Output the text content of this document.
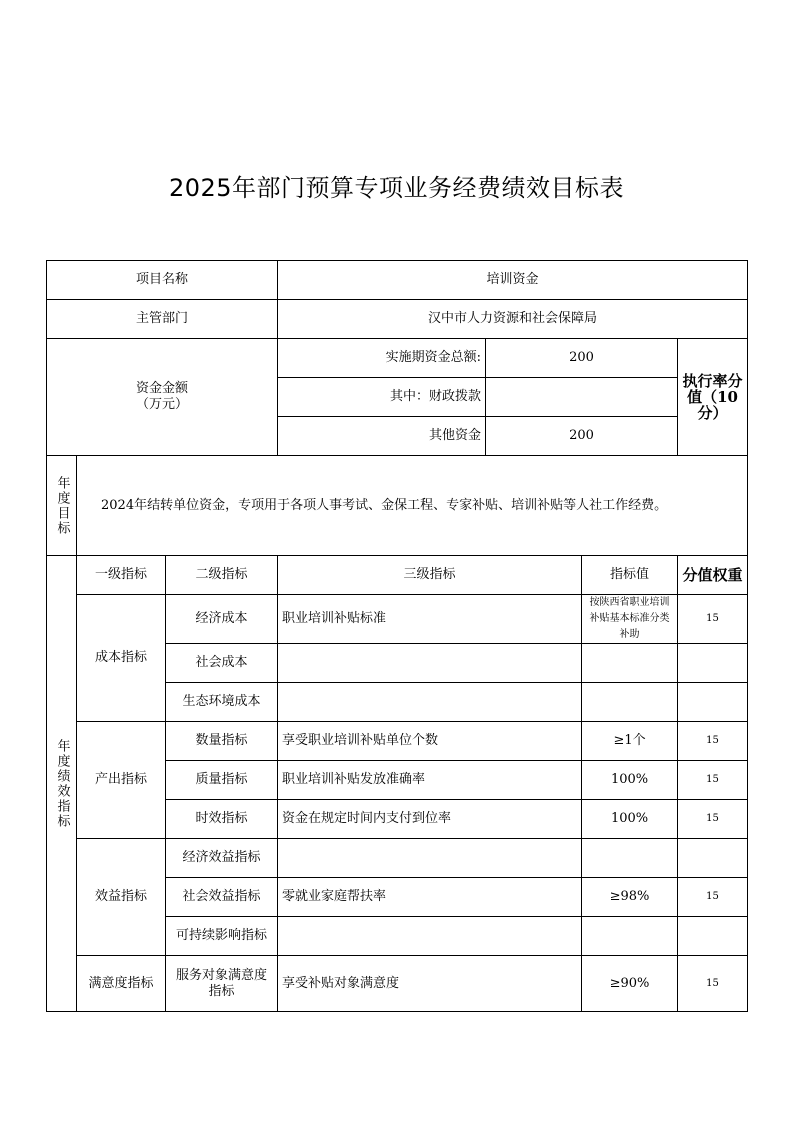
2025年部门预算专项业务经费绩效目标表
项目名称			培训资金			
主管部门			汉中市人力资源和社会保障局			

资金金额
（万元）			实施期资金总额:	200		执行率分值（10分）
			其中：财政拨款			
			其他资金	200		

年度目标	2024年结转单位资金，专项用于各项人事考试、金保工程、专家补贴、培训补贴等人社工作经费。					

年度绩效指标	一级指标	二级指标	三级指标		指标值	分值权重
	成本指标	经济成本	职业培训补贴标准		按陕西省职业培训补贴基本标准分类补助	15
		社会成本				
		生态环境成本				
	产出指标	数量指标	享受职业培训补贴单位个数		≥1个	15
		质量指标	职业培训补贴发放准确率		100%	15
		时效指标	资金在规定时间内支付到位率		100%	15
	效益指标	经济效益指标				
		社会效益指标	零就业家庭帮扶率		≥98%	15
		可持续影响指标				
	满意度指标	服务对象满意度指标	享受补贴对象满意度		≥90%	15
